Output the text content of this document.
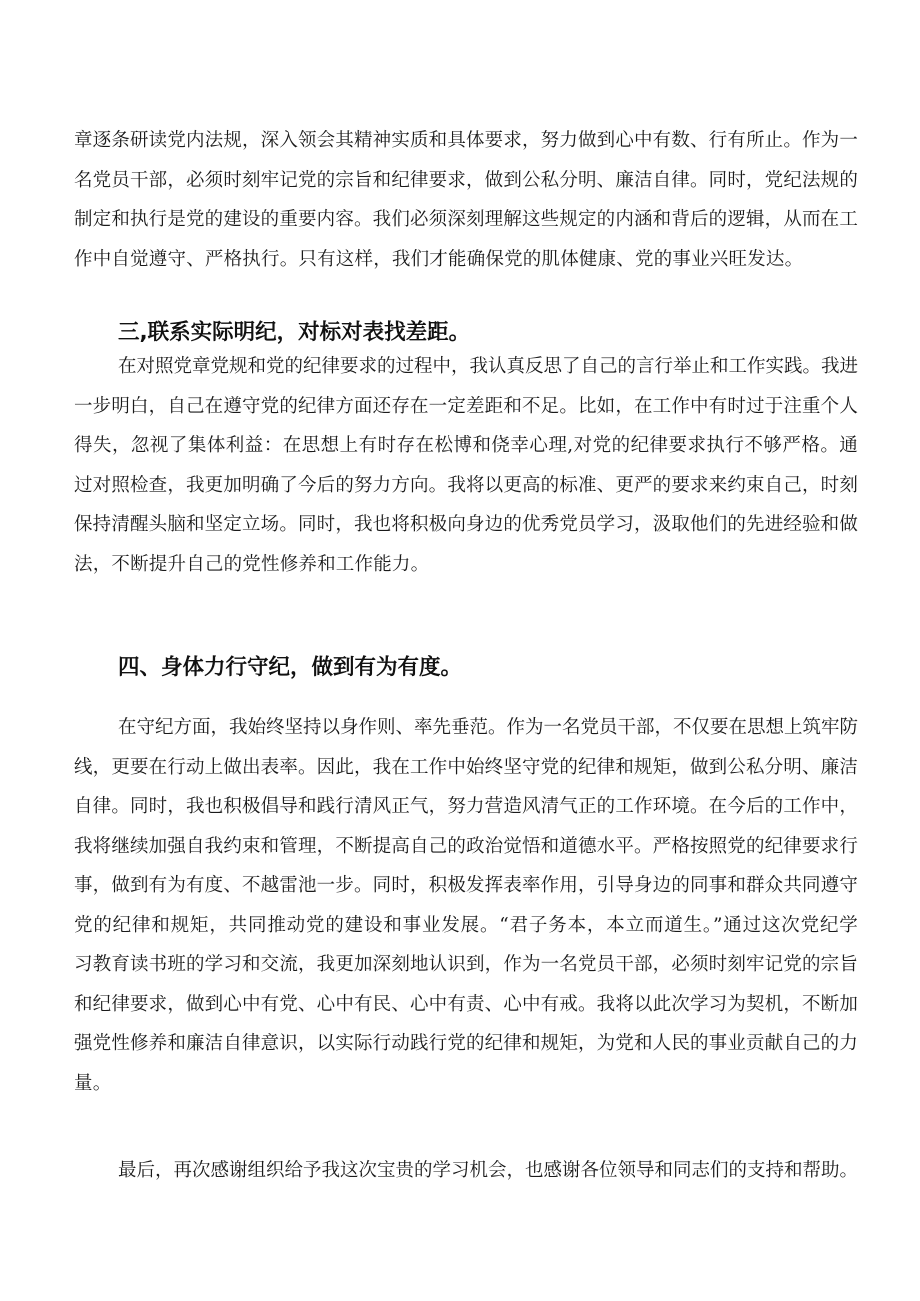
章逐条研读党内法规，深入领会其精神实质和具体要求，努力做到心中有数、行有所止。作为一
名党员干部，必须时刻牢记党的宗旨和纪律要求，做到公私分明、廉洁自律。同时，党纪法规的
制定和执行是党的建设的重要内容。我们必须深刻理解这些规定的内涵和背后的逻辑，从而在工
作中自觉遵守、严格执行。只有这样，我们才能确保党的肌体健康、党的事业兴旺发达。

三,联系实际明纪，对标对表找差距。

在对照党章党规和党的纪律要求的过程中，我认真反思了自己的言行举止和工作实践。我进
一步明白，自己在遵守党的纪律方面还存在一定差距和不足。比如，在工作中有时过于注重个人
得失，忽视了集体利益：在思想上有时存在松博和侥幸心理,对党的纪律要求执行不够严格。通
过对照检查，我更加明确了今后的努力方向。我将以更高的标准、更严的要求来约束自己，时刻
保持清醒头脑和坚定立场。同时，我也将积极向身边的优秀党员学习，汲取他们的先进经验和做
法，不断提升自己的党性修养和工作能力。

四、身体力行守纪，做到有为有度。

在守纪方面，我始终坚持以身作则、率先垂范。作为一名党员干部，不仅要在思想上筑牢防
线，更要在行动上做出表率。因此，我在工作中始终坚守党的纪律和规矩，做到公私分明、廉洁
自律。同时，我也积极倡导和践行清风正气，努力营造风清气正的工作环境。在今后的工作中，
我将继续加强自我约束和管理，不断提高自己的政治觉悟和道德水平。严格按照党的纪律要求行
事，做到有为有度、不越雷池一步。同时，积极发挥表率作用，引导身边的同事和群众共同遵守
党的纪律和规矩，共同推动党的建设和事业发展。“君子务本，本立而道生。”通过这次党纪学
习教育读书班的学习和交流，我更加深刻地认识到，作为一名党员干部，必须时刻牢记党的宗旨
和纪律要求，做到心中有党、心中有民、心中有责、心中有戒。我将以此次学习为契机，不断加
强党性修养和廉洁自律意识，以实际行动践行党的纪律和规矩，为党和人民的事业贡献自己的力
量。

最后，再次感谢组织给予我这次宝贵的学习机会，也感谢各位领导和同志们的支持和帮助。
